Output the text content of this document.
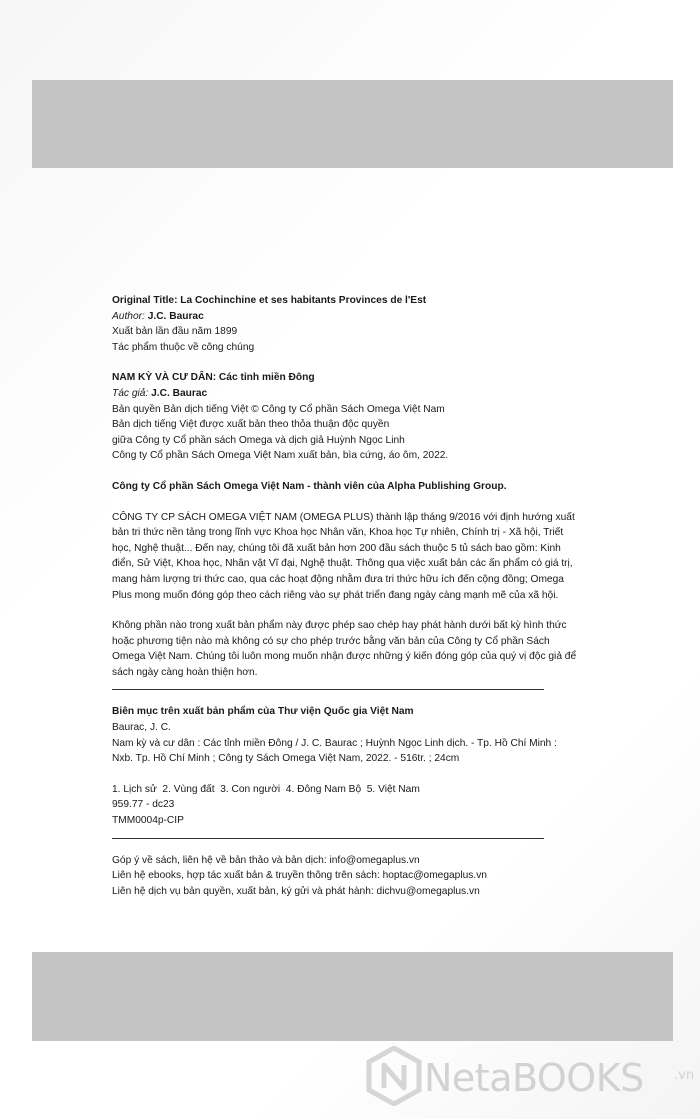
Original Title: La Cochinchine et ses habitants Provinces de l'Est

Author: J.C. Baurac

Xuất bản lần đầu năm 1899

Tác phẩm thuộc về công chúng

NAM KỲ VÀ CƯ DÂN: Các tỉnh miền Đông

Tác giả: J.C. Baurac

Bản quyền Bản dịch tiếng Việt © Công ty Cổ phần Sách Omega Việt Nam

Bản dịch tiếng Việt được xuất bản theo thỏa thuận độc quyền

giữa Công ty Cổ phần sách Omega và dịch giả Huỳnh Ngọc Linh

Công ty Cổ phần Sách Omega Việt Nam xuất bản, bìa cứng, áo ôm, 2022.

Công ty Cổ phần Sách Omega Việt Nam - thành viên của Alpha Publishing Group.

CÔNG TY CP SÁCH OMEGA VIỆT NAM (OMEGA PLUS) thành lập tháng 9/2016 với định hướng xuất

bản tri thức nền tảng trong lĩnh vực Khoa học Nhân văn, Khoa học Tự nhiên, Chính trị - Xã hội, Triết

học, Nghệ thuật... Đến nay, chúng tôi đã xuất bản hơn 200 đầu sách thuộc 5 tủ sách bao gồm: Kinh

điển, Sử Việt, Khoa học, Nhân vật Vĩ đại, Nghệ thuật. Thông qua việc xuất bản các ấn phẩm có giá trị,

mang hàm lượng tri thức cao, qua các hoạt động nhằm đưa tri thức hữu ích đến cộng đồng; Omega

Plus mong muốn đóng góp theo cách riêng vào sự phát triển đang ngày càng mạnh mẽ của xã hội.

Không phần nào trong xuất bản phẩm này được phép sao chép hay phát hành dưới bất kỳ hình thức

hoặc phương tiện nào mà không có sự cho phép trước bằng văn bản của Công ty Cổ phần Sách

Omega Việt Nam. Chúng tôi luôn mong muốn nhận được những ý kiến đóng góp của quý vị độc giả để

sách ngày càng hoàn thiện hơn.

Biên mục trên xuất bản phẩm của Thư viện Quốc gia Việt Nam

Baurac, J. C.

Nam kỳ và cư dân : Các tỉnh miền Đông / J. C. Baurac ; Huỳnh Ngọc Linh dịch. - Tp. Hồ Chí Minh :

Nxb. Tp. Hồ Chí Minh ; Công ty Sách Omega Việt Nam, 2022. - 516tr. ; 24cm

1. Lịch sử  2. Vùng đất  3. Con người  4. Đông Nam Bộ  5. Việt Nam

959.77 - dc23

TMM0004p-CIP

Góp ý về sách, liên hệ về bản thảo và bản dịch: info@omegaplus.vn

Liên hệ ebooks, hợp tác xuất bản & truyền thông trên sách: hoptac@omegaplus.vn

Liên hệ dịch vụ bản quyền, xuất bản, ký gửi và phát hành: dichvu@omegaplus.vn

NetaBOOKS .vn
